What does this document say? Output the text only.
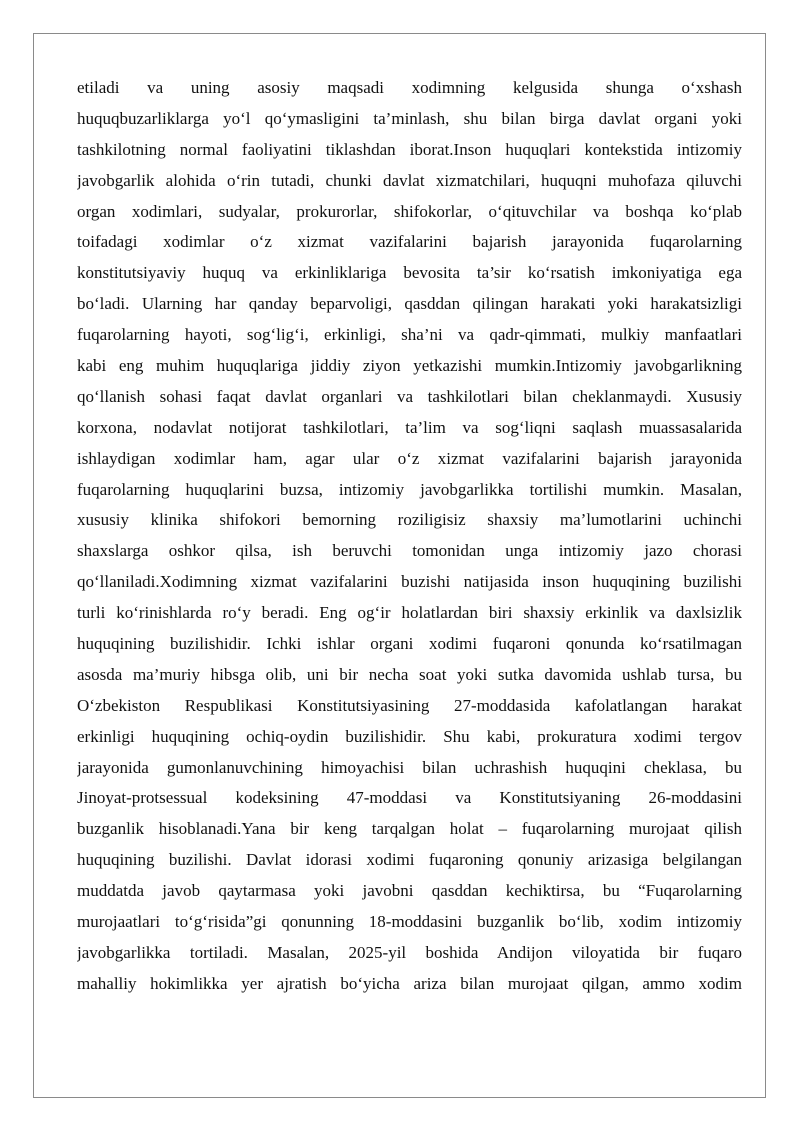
etiladi va uning asosiy maqsadi xodimning kelgusida shunga o‘xshash
huquqbuzarliklarga yo‘l qo‘ymasligini ta’minlash, shu bilan birga davlat organi yoki
tashkilotning normal faoliyatini tiklashdan iborat.Inson huquqlari kontekstida intizomiy
javobgarlik alohida o‘rin tutadi, chunki davlat xizmatchilari, huquqni muhofaza qiluvchi
organ xodimlari, sudyalar, prokurorlar, shifokorlar, o‘qituvchilar va boshqa ko‘plab
toifadagi xodimlar o‘z xizmat vazifalarini bajarish jarayonida fuqarolarning
konstitutsiyaviy huquq va erkinliklariga bevosita ta’sir ko‘rsatish imkoniyatiga ega
bo‘ladi. Ularning har qanday beparvoligi, qasddan qilingan harakati yoki harakatsizligi
fuqarolarning hayoti, sog‘lig‘i, erkinligi, sha’ni va qadr-qimmati, mulkiy manfaatlari
kabi eng muhim huquqlariga jiddiy ziyon yetkazishi mumkin.Intizomiy javobgarlikning
qo‘llanish sohasi faqat davlat organlari va tashkilotlari bilan cheklanmaydi. Xususiy
korxona, nodavlat notijorat tashkilotlari, ta’lim va sog‘liqni saqlash muassasalarida
ishlaydigan xodimlar ham, agar ular o‘z xizmat vazifalarini bajarish jarayonida
fuqarolarning huquqlarini buzsa, intizomiy javobgarlikka tortilishi mumkin. Masalan,
xususiy klinika shifokori bemorning roziligisiz shaxsiy ma’lumotlarini uchinchi
shaxslarga oshkor qilsa, ish beruvchi tomonidan unga intizomiy jazo chorasi
qo‘llaniladi.Xodimning xizmat vazifalarini buzishi natijasida inson huquqining buzilishi
turli ko‘rinishlarda ro‘y beradi. Eng og‘ir holatlardan biri shaxsiy erkinlik va daxlsizlik
huquqining buzilishidir. Ichki ishlar organi xodimi fuqaroni qonunda ko‘rsatilmagan
asosda ma’muriy hibsga olib, uni bir necha soat yoki sutka davomida ushlab tursa, bu
O‘zbekiston Respublikasi Konstitutsiyasining 27-moddasida kafolatlangan harakat
erkinligi huquqining ochiq-oydin buzilishidir. Shu kabi, prokuratura xodimi tergov
jarayonida gumonlanuvchining himoyachisi bilan uchrashish huquqini cheklasa, bu
Jinoyat-protsessual kodeksining 47-moddasi va Konstitutsiyaning 26-moddasini
buzganlik hisoblanadi.Yana bir keng tarqalgan holat – fuqarolarning murojaat qilish
huquqining buzilishi. Davlat idorasi xodimi fuqaroning qonuniy arizasiga belgilangan
muddatda javob qaytarmasa yoki javobni qasddan kechiktirsa, bu “Fuqarolarning
murojaatlari to‘g‘risida”gi qonunning 18-moddasini buzganlik bo‘lib, xodim intizomiy
javobgarlikka tortiladi. Masalan, 2025-yil boshida Andijon viloyatida bir fuqaro
mahalliy hokimlikka yer ajratish bo‘yicha ariza bilan murojaat qilgan, ammo xodim
